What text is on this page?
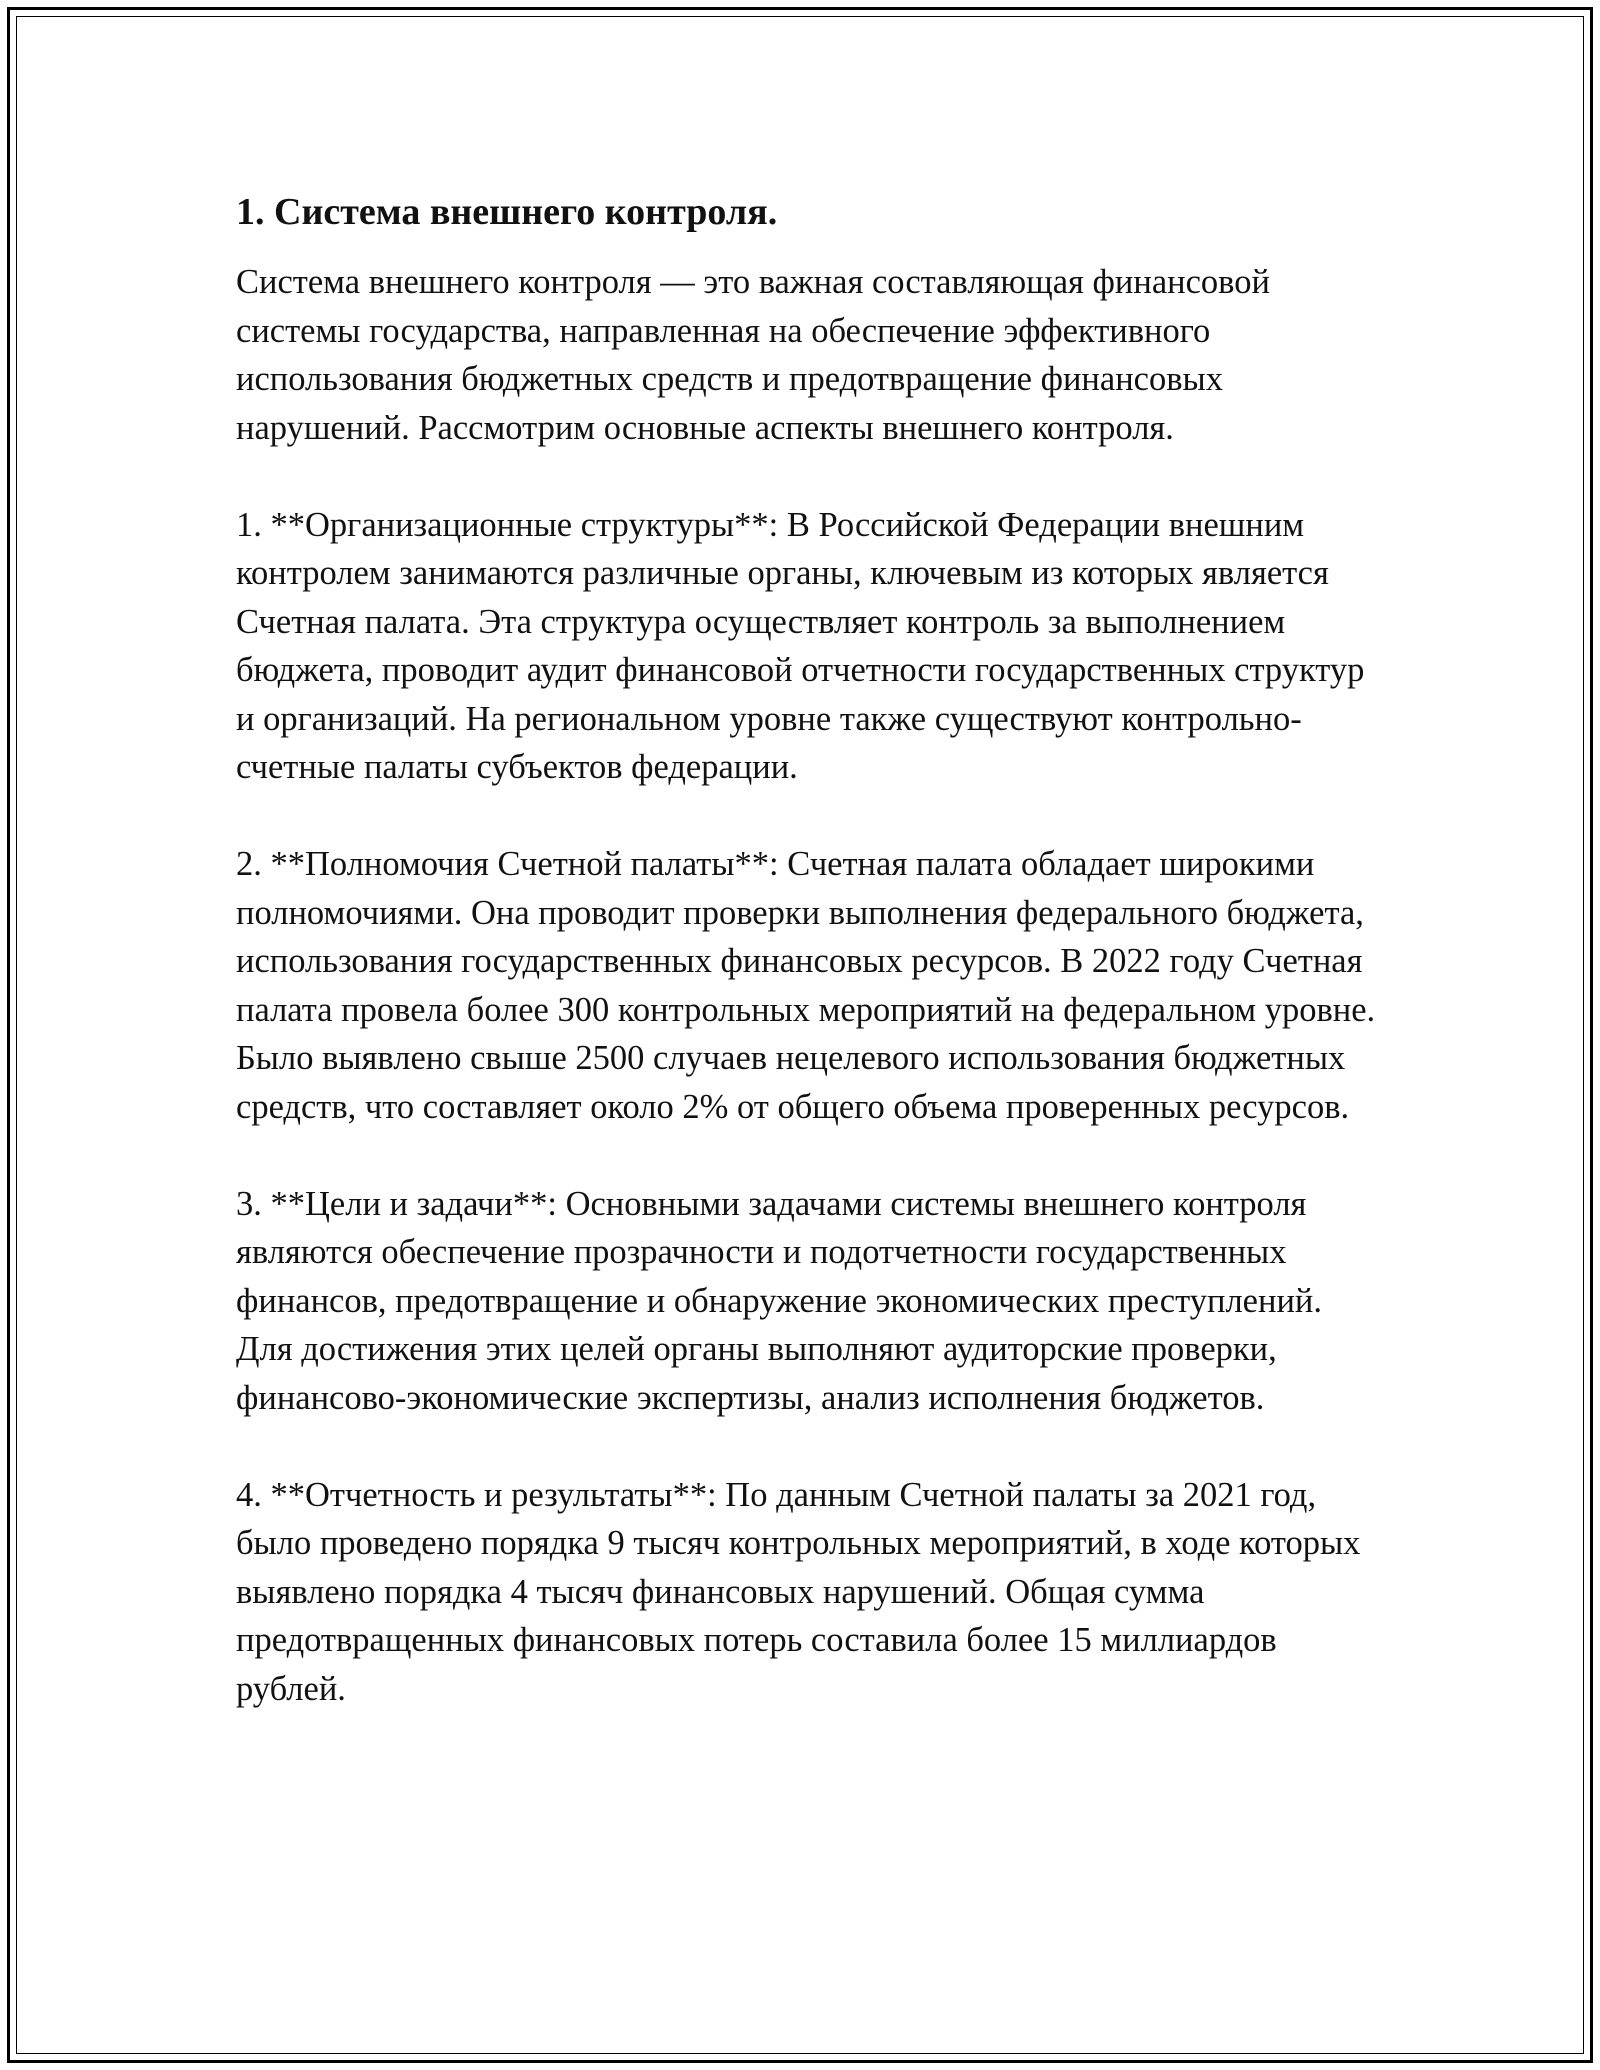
1. Система внешнего контроля.

Система внешнего контроля — это важная составляющая финансовой системы государства, направленная на обеспечение эффективного использования бюджетных средств и предотвращение финансовых нарушений. Рассмотрим основные аспекты внешнего контроля.

1. **Организационные структуры**: В Российской Федерации внешним контролем занимаются различные органы, ключевым из которых является Счетная палата. Эта структура осуществляет контроль за выполнением бюджета, проводит аудит финансовой отчетности государственных структур и организаций. На региональном уровне также существуют контрольно-счетные палаты субъектов федерации.

2. **Полномочия Счетной палаты**: Счетная палата обладает широкими полномочиями. Она проводит проверки выполнения федерального бюджета, использования государственных финансовых ресурсов. В 2022 году Счетная палата провела более 300 контрольных мероприятий на федеральном уровне. Было выявлено свыше 2500 случаев нецелевого использования бюджетных средств, что составляет около 2% от общего объема проверенных ресурсов.

3. **Цели и задачи**: Основными задачами системы внешнего контроля являются обеспечение прозрачности и подотчетности государственных финансов, предотвращение и обнаружение экономических преступлений. Для достижения этих целей органы выполняют аудиторские проверки, финансово-экономические экспертизы, анализ исполнения бюджетов.

4. **Отчетность и результаты**: По данным Счетной палаты за 2021 год, было проведено порядка 9 тысяч контрольных мероприятий, в ходе которых выявлено порядка 4 тысяч финансовых нарушений. Общая сумма предотвращенных финансовых потерь составила более 15 миллиардов рублей.
